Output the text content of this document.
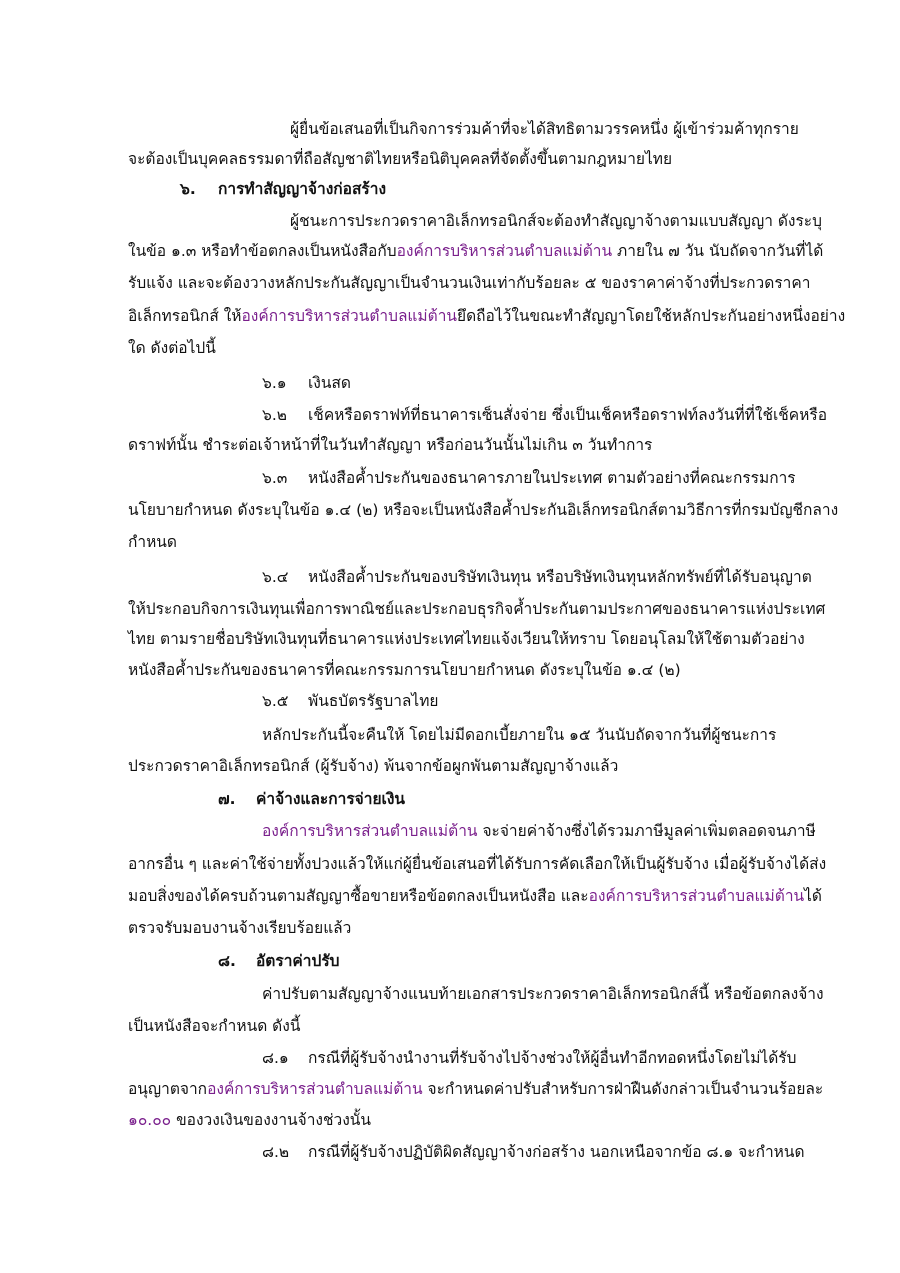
ผู้ยื่นข้อเสนอที่เป็นกิจการร่วมค้าที่จะได้สิทธิตามวรรคหนึ่ง ผู้เข้าร่วมค้าทุกราย
จะต้องเป็นบุคคลธรรมดาที่ถือสัญชาติไทยหรือนิติบุคคลที่จัดตั้งขึ้นตามกฎหมายไทย
๖. การทำสัญญาจ้างก่อสร้าง
ผู้ชนะการประกวดราคาอิเล็กทรอนิกส์จะต้องทำสัญญาจ้างตามแบบสัญญา ดังระบุ
ในข้อ ๑.๓ หรือทำข้อตกลงเป็นหนังสือกับองค์การบริหารส่วนตำบลแม่ต้าน ภายใน ๗ วัน นับถัดจากวันที่ได้
รับแจ้ง และจะต้องวางหลักประกันสัญญาเป็นจำนวนเงินเท่ากับร้อยละ ๕ ของราคาค่าจ้างที่ประกวดราคา
อิเล็กทรอนิกส์ ให้องค์การบริหารส่วนตำบลแม่ต้านยึดถือไว้ในขณะทำสัญญาโดยใช้หลักประกันอย่างหนึ่งอย่าง
ใด ดังต่อไปนี้
๖.๑ เงินสด
๖.๒ เช็คหรือดราฟท์ที่ธนาคารเซ็นสั่งจ่าย ซึ่งเป็นเช็คหรือดราฟท์ลงวันที่ที่ใช้เช็คหรือ
ดราฟท์นั้น ชำระต่อเจ้าหน้าที่ในวันทำสัญญา หรือก่อนวันนั้นไม่เกิน ๓ วันทำการ
๖.๓ หนังสือค้ำประกันของธนาคารภายในประเทศ ตามตัวอย่างที่คณะกรรมการ
นโยบายกำหนด ดังระบุในข้อ ๑.๔ (๒) หรือจะเป็นหนังสือค้ำประกันอิเล็กทรอนิกส์ตามวิธีการที่กรมบัญชีกลาง
กำหนด
๖.๔ หนังสือค้ำประกันของบริษัทเงินทุน หรือบริษัทเงินทุนหลักทรัพย์ที่ได้รับอนุญาต
ให้ประกอบกิจการเงินทุนเพื่อการพาณิชย์และประกอบธุรกิจค้ำประกันตามประกาศของธนาคารแห่งประเทศ
ไทย ตามรายชื่อบริษัทเงินทุนที่ธนาคารแห่งประเทศไทยแจ้งเวียนให้ทราบ โดยอนุโลมให้ใช้ตามตัวอย่าง
หนังสือค้ำประกันของธนาคารที่คณะกรรมการนโยบายกำหนด ดังระบุในข้อ ๑.๔ (๒)
๖.๕ พันธบัตรรัฐบาลไทย
หลักประกันนี้จะคืนให้ โดยไม่มีดอกเบี้ยภายใน ๑๕ วันนับถัดจากวันที่ผู้ชนะการ
ประกวดราคาอิเล็กทรอนิกส์ (ผู้รับจ้าง) พ้นจากข้อผูกพันตามสัญญาจ้างแล้ว
๗. ค่าจ้างและการจ่ายเงิน
องค์การบริหารส่วนตำบลแม่ต้าน จะจ่ายค่าจ้างซึ่งได้รวมภาษีมูลค่าเพิ่มตลอดจนภาษี
อากรอื่น ๆ และค่าใช้จ่ายทั้งปวงแล้วให้แก่ผู้ยื่นข้อเสนอที่ได้รับการคัดเลือกให้เป็นผู้รับจ้าง เมื่อผู้รับจ้างได้ส่ง
มอบสิ่งของได้ครบถ้วนตามสัญญาซื้อขายหรือข้อตกลงเป็นหนังสือ และองค์การบริหารส่วนตำบลแม่ต้านได้
ตรวจรับมอบงานจ้างเรียบร้อยแล้ว
๘. อัตราค่าปรับ
ค่าปรับตามสัญญาจ้างแนบท้ายเอกสารประกวดราคาอิเล็กทรอนิกส์นี้ หรือข้อตกลงจ้าง
เป็นหนังสือจะกำหนด ดังนี้
๘.๑ กรณีที่ผู้รับจ้างนำงานที่รับจ้างไปจ้างช่วงให้ผู้อื่นทำอีกทอดหนึ่งโดยไม่ได้รับ
อนุญาตจากองค์การบริหารส่วนตำบลแม่ต้าน จะกำหนดค่าปรับสำหรับการฝ่าฝืนดังกล่าวเป็นจำนวนร้อยละ
๑๐.๐๐ ของวงเงินของงานจ้างช่วงนั้น
๘.๒ กรณีที่ผู้รับจ้างปฏิบัติผิดสัญญาจ้างก่อสร้าง นอกเหนือจากข้อ ๘.๑ จะกำหนด
